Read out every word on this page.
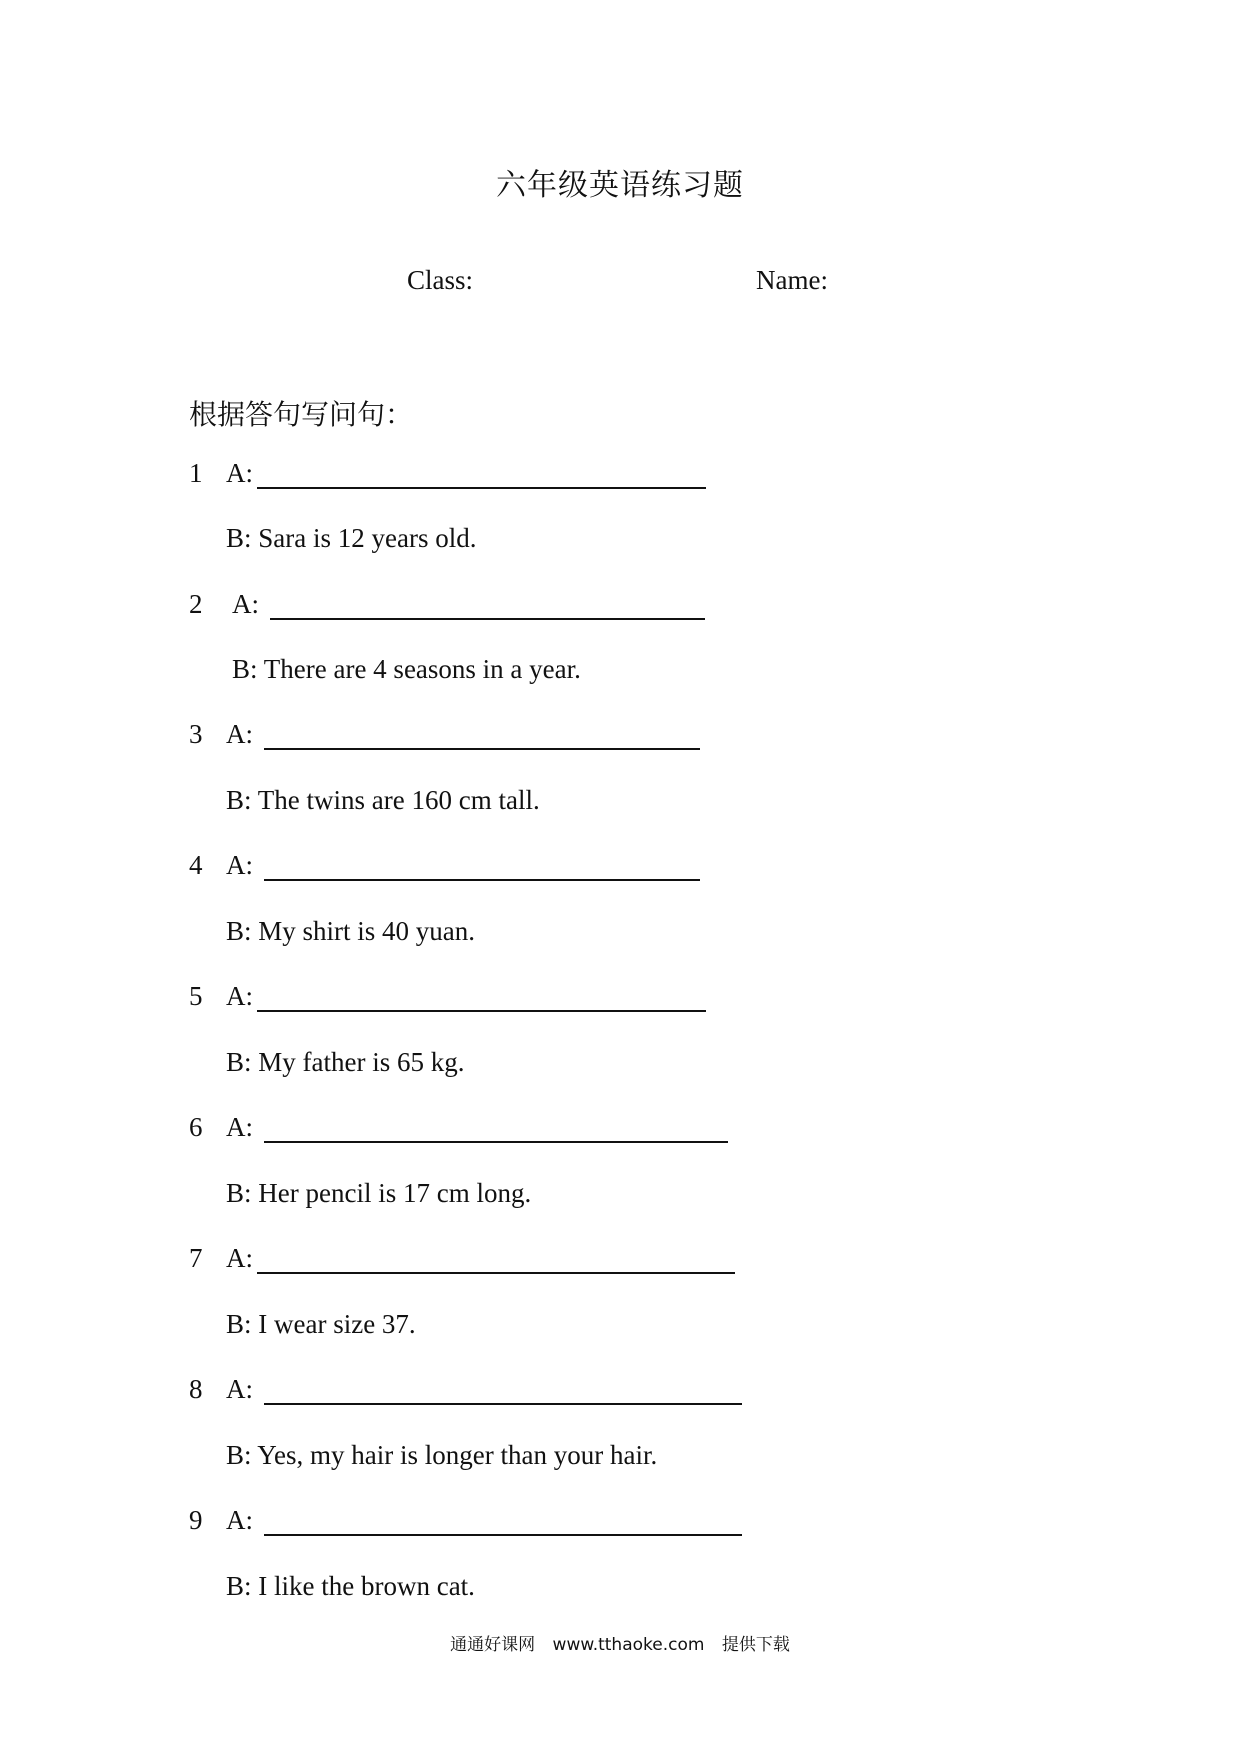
六年级英语练习题
Class:	Name:
根据答句写问句：
1 A:
B: Sara is 12 years old.
2 A:
B: There are 4 seasons in a year.
3 A:
B: The twins are 160 cm tall.
4 A:
B: My shirt is 40 yuan.
5 A:
B: My father is 65 kg.
6 A:
B: Her pencil is 17 cm long.
7 A:
B: I wear size 37.
8 A:
B: Yes, my hair is longer than your hair.
9 A:
B: I like the brown cat.
通通好课网 www.tthaoke.com 提供下载
